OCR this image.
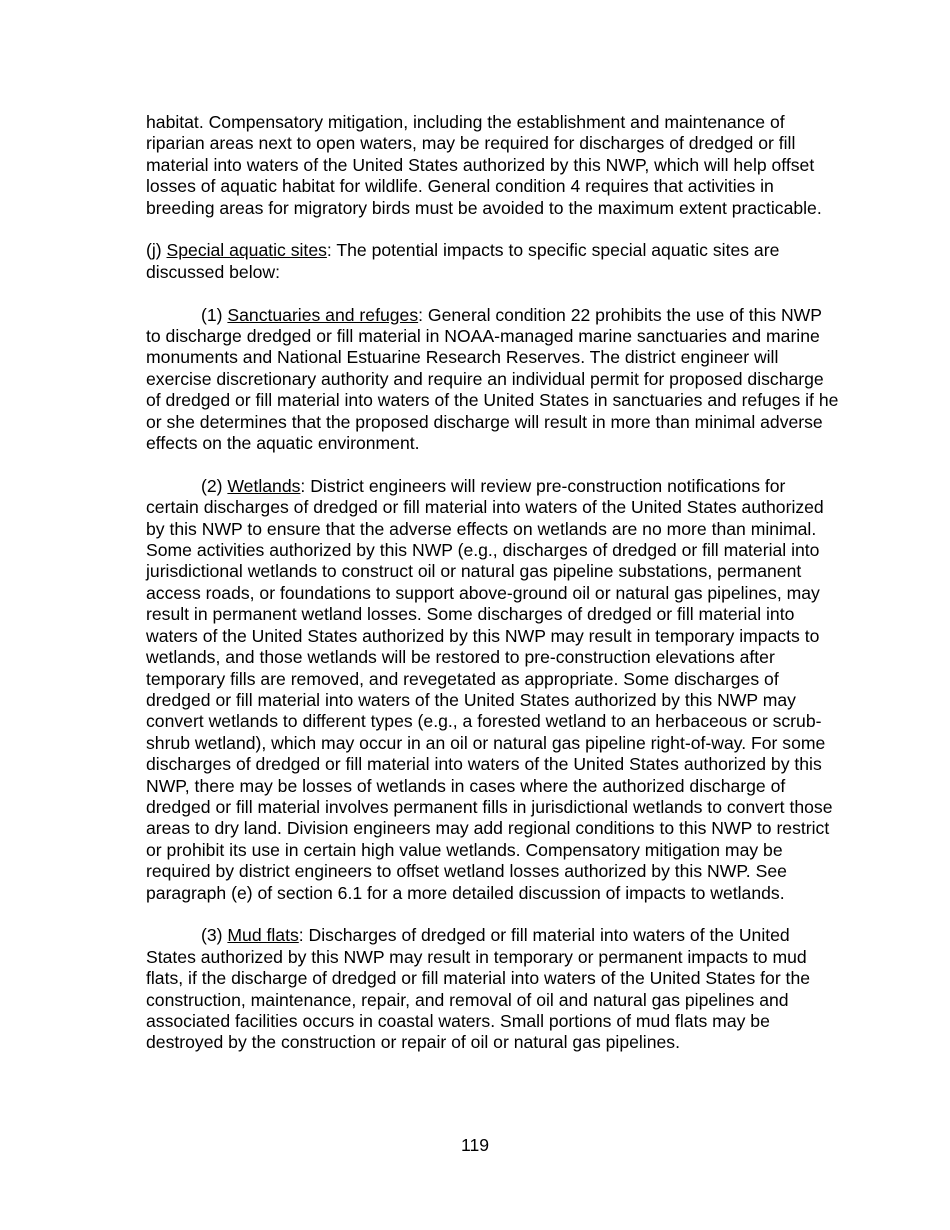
habitat. Compensatory mitigation, including the establishment and maintenance of riparian areas next to open waters, may be required for discharges of dredged or fill material into waters of the United States authorized by this NWP, which will help offset losses of aquatic habitat for wildlife. General condition 4 requires that activities in breeding areas for migratory birds must be avoided to the maximum extent practicable.

(j) Special aquatic sites: The potential impacts to specific special aquatic sites are discussed below:

(1) Sanctuaries and refuges: General condition 22 prohibits the use of this NWP to discharge dredged or fill material in NOAA-managed marine sanctuaries and marine monuments and National Estuarine Research Reserves. The district engineer will exercise discretionary authority and require an individual permit for proposed discharge of dredged or fill material into waters of the United States in sanctuaries and refuges if he or she determines that the proposed discharge will result in more than minimal adverse effects on the aquatic environment.

(2) Wetlands: District engineers will review pre-construction notifications for certain discharges of dredged or fill material into waters of the United States authorized by this NWP to ensure that the adverse effects on wetlands are no more than minimal. Some activities authorized by this NWP (e.g., discharges of dredged or fill material into jurisdictional wetlands to construct oil or natural gas pipeline substations, permanent access roads, or foundations to support above-ground oil or natural gas pipelines, may result in permanent wetland losses. Some discharges of dredged or fill material into waters of the United States authorized by this NWP may result in temporary impacts to wetlands, and those wetlands will be restored to pre-construction elevations after temporary fills are removed, and revegetated as appropriate. Some discharges of dredged or fill material into waters of the United States authorized by this NWP may convert wetlands to different types (e.g., a forested wetland to an herbaceous or scrub-shrub wetland), which may occur in an oil or natural gas pipeline right-of-way. For some discharges of dredged or fill material into waters of the United States authorized by this NWP, there may be losses of wetlands in cases where the authorized discharge of dredged or fill material involves permanent fills in jurisdictional wetlands to convert those areas to dry land. Division engineers may add regional conditions to this NWP to restrict or prohibit its use in certain high value wetlands. Compensatory mitigation may be required by district engineers to offset wetland losses authorized by this NWP. See paragraph (e) of section 6.1 for a more detailed discussion of impacts to wetlands.

(3) Mud flats: Discharges of dredged or fill material into waters of the United States authorized by this NWP may result in temporary or permanent impacts to mud flats, if the discharge of dredged or fill material into waters of the United States for the construction, maintenance, repair, and removal of oil and natural gas pipelines and associated facilities occurs in coastal waters. Small portions of mud flats may be destroyed by the construction or repair of oil or natural gas pipelines.

119
